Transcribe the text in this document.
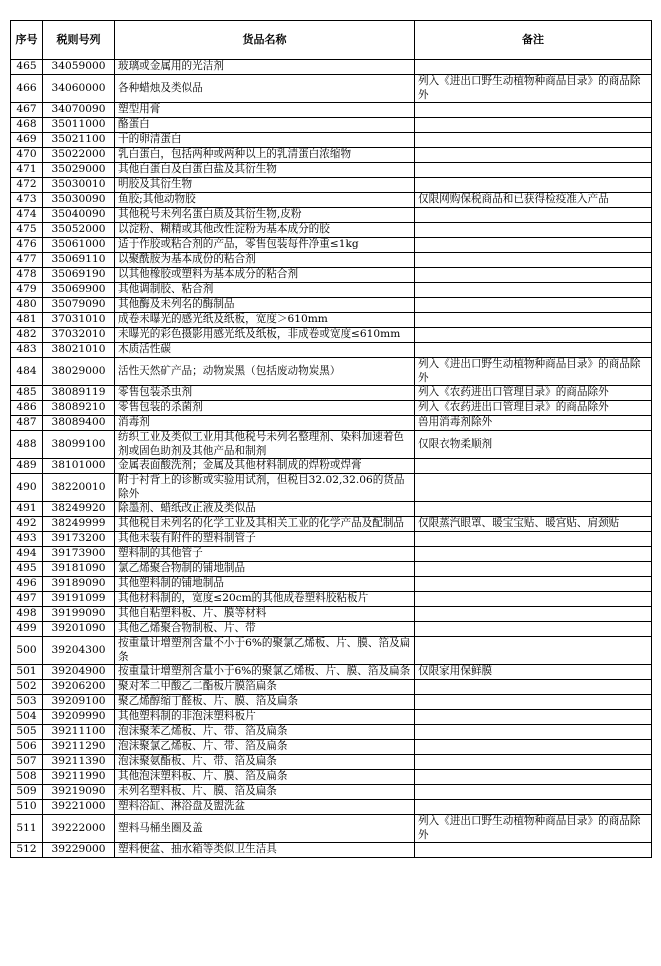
序号	税则号列	货品名称	备注
465	34059000	玻璃或金属用的光洁剂	
466	34060000	各种蜡烛及类似品	列入《进出口野生动植物种商品目录》的商品除外
467	34070090	塑型用膏	
468	35011000	酪蛋白	
469	35021100	干的卵清蛋白	
470	35022000	乳白蛋白，包括两种或两种以上的乳清蛋白浓缩物	
471	35029000	其他白蛋白及白蛋白盐及其衍生物	
472	35030010	明胶及其衍生物	
473	35030090	鱼胶;其他动物胶	仅限网购保税商品和已获得检疫准入产品
474	35040090	其他税号未列名蛋白质及其衍生物,皮粉	
475	35052000	以淀粉、糊精或其他改性淀粉为基本成分的胶	
476	35061000	适于作胶或粘合剂的产品，零售包装每件净重≤1kg	
477	35069110	以聚酰胺为基本成份的粘合剂	
478	35069190	以其他橡胶或塑料为基本成分的粘合剂	
479	35069900	其他调制胶、粘合剂	
480	35079090	其他酶及未列名的酶制品	
481	37031010	成卷未曝光的感光纸及纸板，宽度＞610mm	
482	37032010	未曝光的彩色摄影用感光纸及纸板，非成卷或宽度≤610mm	
483	38021010	木质活性碳	
484	38029000	活性天然矿产品；动物炭黑（包括废动物炭黑）	列入《进出口野生动植物种商品目录》的商品除外
485	38089119	零售包装杀虫剂	列入《农药进出口管理目录》的商品除外
486	38089210	零售包装的杀菌剂	列入《农药进出口管理目录》的商品除外
487	38089400	消毒剂	兽用消毒剂除外
488	38099100	纺织工业及类似工业用其他税号未列名整理剂、染料加速着色剂或固色助剂及其他产品和制剂	仅限衣物柔顺剂
489	38101000	金属表面酸洗剂；金属及其他材料制成的焊粉或焊膏	
490	38220010	附于衬背上的诊断或实验用试剂，但税目32.02,32.06的货品除外	
491	38249920	除墨剂、蜡纸改正液及类似品	
492	38249999	其他税目未列名的化学工业及其相关工业的化学产品及配制品	仅限蒸汽眼罩、暖宝宝贴、暖宫贴、肩颈贴
493	39173200	其他未装有附件的塑料制管子	
494	39173900	塑料制的其他管子	
495	39181090	氯乙烯聚合物制的铺地制品	
496	39189090	其他塑料制的铺地制品	
497	39191099	其他材料制的，宽度≤20cm的其他成卷塑料胶粘板片	
498	39199090	其他自粘塑料板、片、膜等材料	
499	39201090	其他乙烯聚合物制板、片、带	
500	39204300	按重量计增塑剂含量不小于6%的聚氯乙烯板、片、膜、箔及扁条	
501	39204900	按重量计增塑剂含量小于6%的聚氯乙烯板、片、膜、箔及扁条	仅限家用保鲜膜
502	39206200	聚对苯二甲酸乙二酯板片膜箔扁条	
503	39209100	聚乙烯醇缩丁醛板、片、膜、箔及扁条	
504	39209990	其他塑料制的非泡沫塑料板片	
505	39211100	泡沫聚苯乙烯板、片、带、箔及扁条	
506	39211290	泡沫聚氯乙烯板、片、带、箔及扁条	
507	39211390	泡沫聚氨酯板、片、带、箔及扁条	
508	39211990	其他泡沫塑料板、片、膜、箔及扁条	
509	39219090	未列名塑料板、片、膜、箔及扁条	
510	39221000	塑料浴缸、淋浴盘及盥洗盆	
511	39222000	塑料马桶坐圈及盖	列入《进出口野生动植物种商品目录》的商品除外
512	39229000	塑料便盆、抽水箱等类似卫生洁具	
